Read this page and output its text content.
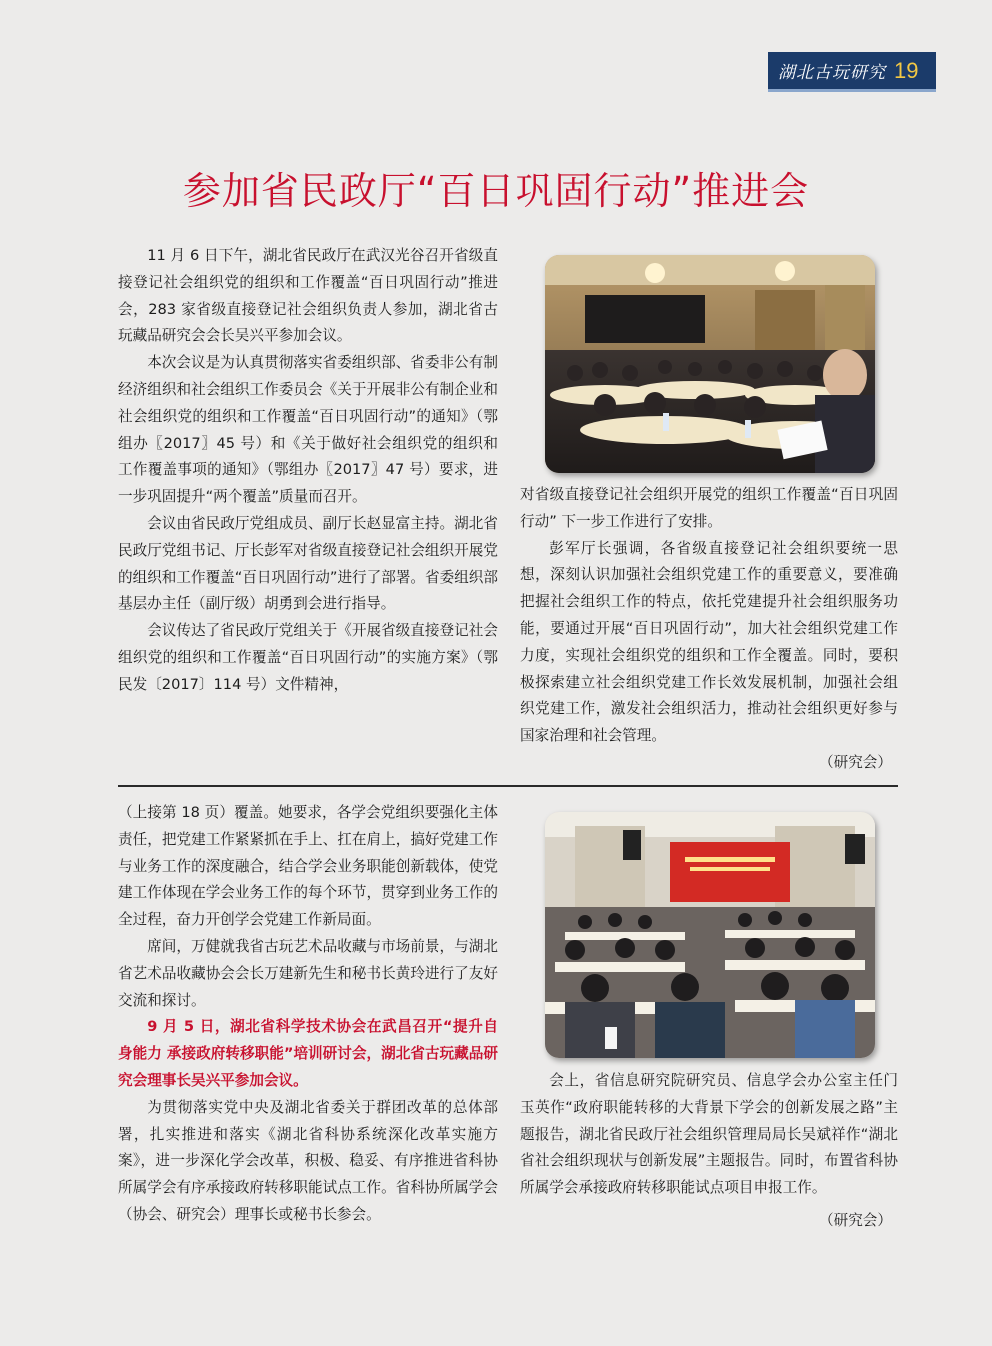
湖北古玩研究 19
参加省民政厅“百日巩固行动”推进会

11 月 6 日下午，湖北省民政厅在武汉光谷召开省级直接登记社会组织党的组织和工作覆盖“百日巩固行动”推进会，283 家省级直接登记社会组织负责人参加，湖北省古玩藏品研究会会长吴兴平参加会议。

本次会议是为认真贯彻落实省委组织部、省委非公有制经济组织和社会组织工作委员会《关于开展非公有制企业和社会组织党的组织和工作覆盖“百日巩固行动”的通知》（鄂组办〖2017〗45 号）和《关于做好社会组织党的组织和工作覆盖事项的通知》（鄂组办〖2017〗47 号）要求，进一步巩固提升“两个覆盖”质量而召开。

会议由省民政厅党组成员、副厅长赵显富主持。湖北省民政厅党组书记、厅长彭军对省级直接登记社会组织开展党的组织和工作覆盖“百日巩固行动”进行了部署。省委组织部基层办主任（副厅级）胡勇到会进行指导。

会议传达了省民政厅党组关于《开展省级直接登记社会组织党的组织和工作覆盖“百日巩固行动”的实施方案》（鄂民发〔2017〕114 号）文件精神，

对省级直接登记社会组织开展党的组织工作覆盖“百日巩固行动” 下一步工作进行了安排。

彭军厅长强调，各省级直接登记社会组织要统一思想，深刻认识加强社会组织党建工作的重要意义，要准确把握社会组织工作的特点，依托党建提升社会组织服务功能，要通过开展“百日巩固行动”，加大社会组织党建工作力度，实现社会组织党的组织和工作全覆盖。同时，要积极探索建立社会组织党建工作长效发展机制，加强社会组织党建工作，激发社会组织活力，推动社会组织更好参与国家治理和社会管理。

（研究会）

（上接第 18 页）覆盖。她要求，各学会党组织要强化主体责任，把党建工作紧紧抓在手上、扛在肩上，搞好党建工作与业务工作的深度融合，结合学会业务职能创新载体，使党建工作体现在学会业务工作的每个环节，贯穿到业务工作的全过程，奋力开创学会党建工作新局面。

席间，万健就我省古玩艺术品收藏与市场前景，与湖北省艺术品收藏协会会长万建新先生和秘书长黄玲进行了友好交流和探讨。

9 月 5 日，湖北省科学技术协会在武昌召开“提升自身能力 承接政府转移职能”培训研讨会，湖北省古玩藏品研究会理事长吴兴平参加会议。

为贯彻落实党中央及湖北省委关于群团改革的总体部署，扎实推进和落实《湖北省科协系统深化改革实施方案》，进一步深化学会改革，积极、稳妥、有序推进省科协所属学会有序承接政府转移职能试点工作。省科协所属学会（协会、研究会）理事长或秘书长参会。

会上，省信息研究院研究员、信息学会办公室主任门玉英作“政府职能转移的大背景下学会的创新发展之路”主题报告，湖北省民政厅社会组织管理局局长吴斌祥作“湖北省社会组织现状与创新发展”主题报告。同时，布置省科协所属学会承接政府转移职能试点项目申报工作。

（研究会）
